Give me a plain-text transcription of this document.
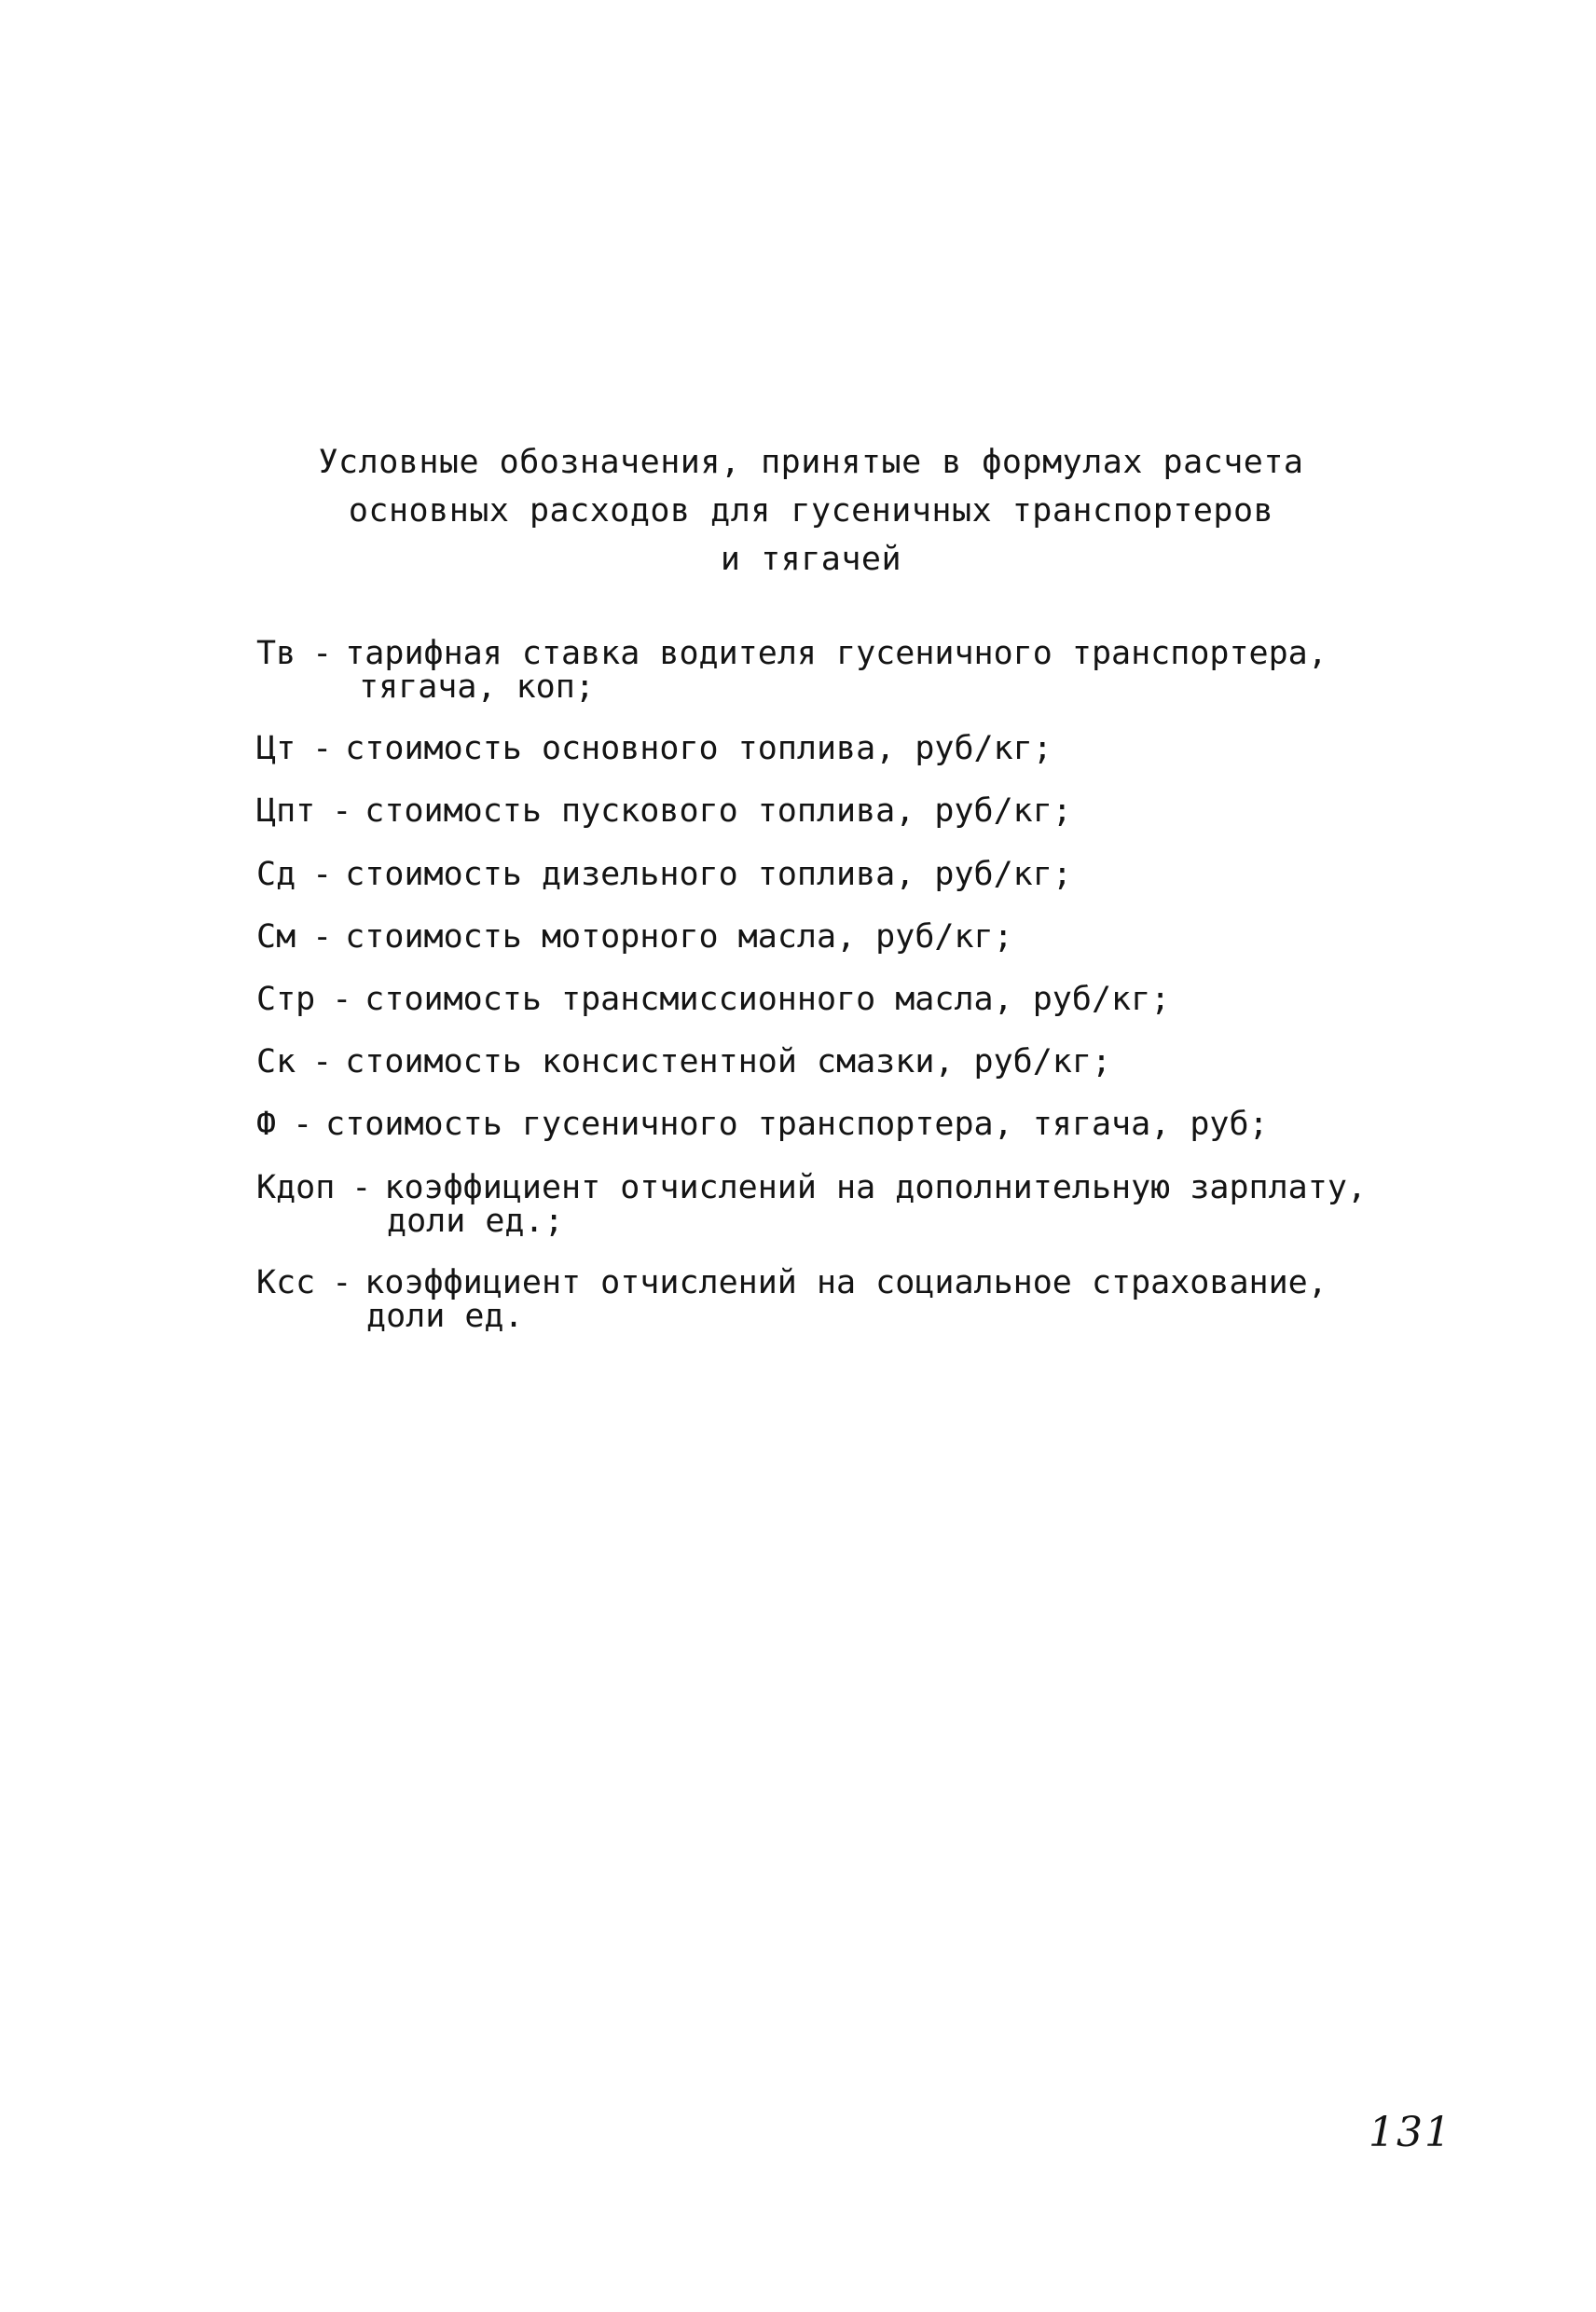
Условные обозначения, принятые в формулах расчета
основных расходов для гусеничных транспортеров
и тягачей
Тв - тарифная ставка водителя гусеничного транспортера,
тягача, коп;
Цт - стоимость основного топлива, руб/кг;
Цпт - стоимость пускового топлива, руб/кг;
Сд - стоимость дизельного топлива, руб/кг;
См - стоимость моторного масла, руб/кг;
Стр - стоимость трансмиссионного масла, руб/кг;
Ск - стоимость консистентной смазки, руб/кг;
Ф - стоимость гусеничного транспортера, тягача, руб;
Кдоп - коэффициент отчислений на дополнительную зарплату,
доли ед.;
Ксс - коэффициент отчислений на социальное страхование,
доли ед.
131
